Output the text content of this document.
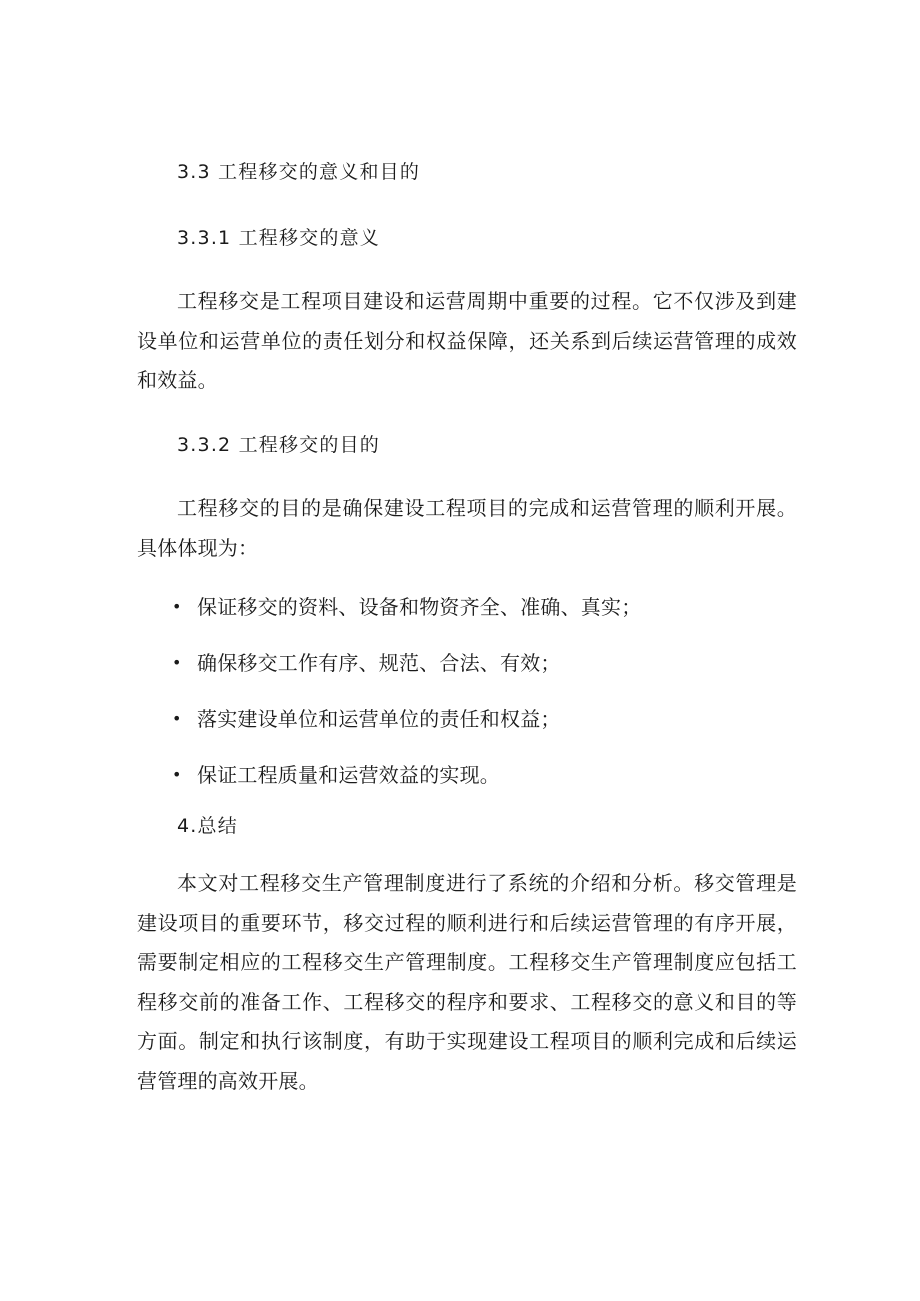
3.3 工程移交的意义和目的
3.3.1 工程移交的意义

工程移交是工程项目建设和运营周期中重要的过程。它不仅涉及到建设单位和运营单位的责任划分和权益保障，还关系到后续运营管理的成效和效益。

3.3.2 工程移交的目的

工程移交的目的是确保建设工程项目的完成和运营管理的顺利开展。具体体现为：

• 保证移交的资料、设备和物资齐全、准确、真实；
• 确保移交工作有序、规范、合法、有效；
• 落实建设单位和运营单位的责任和权益；
• 保证工程质量和运营效益的实现。
4.总结

本文对工程移交生产管理制度进行了系统的介绍和分析。移交管理是建设项目的重要环节，移交过程的顺利进行和后续运营管理的有序开展，需要制定相应的工程移交生产管理制度。工程移交生产管理制度应包括工程移交前的准备工作、工程移交的程序和要求、工程移交的意义和目的等方面。制定和执行该制度，有助于实现建设工程项目的顺利完成和后续运营管理的高效开展。
